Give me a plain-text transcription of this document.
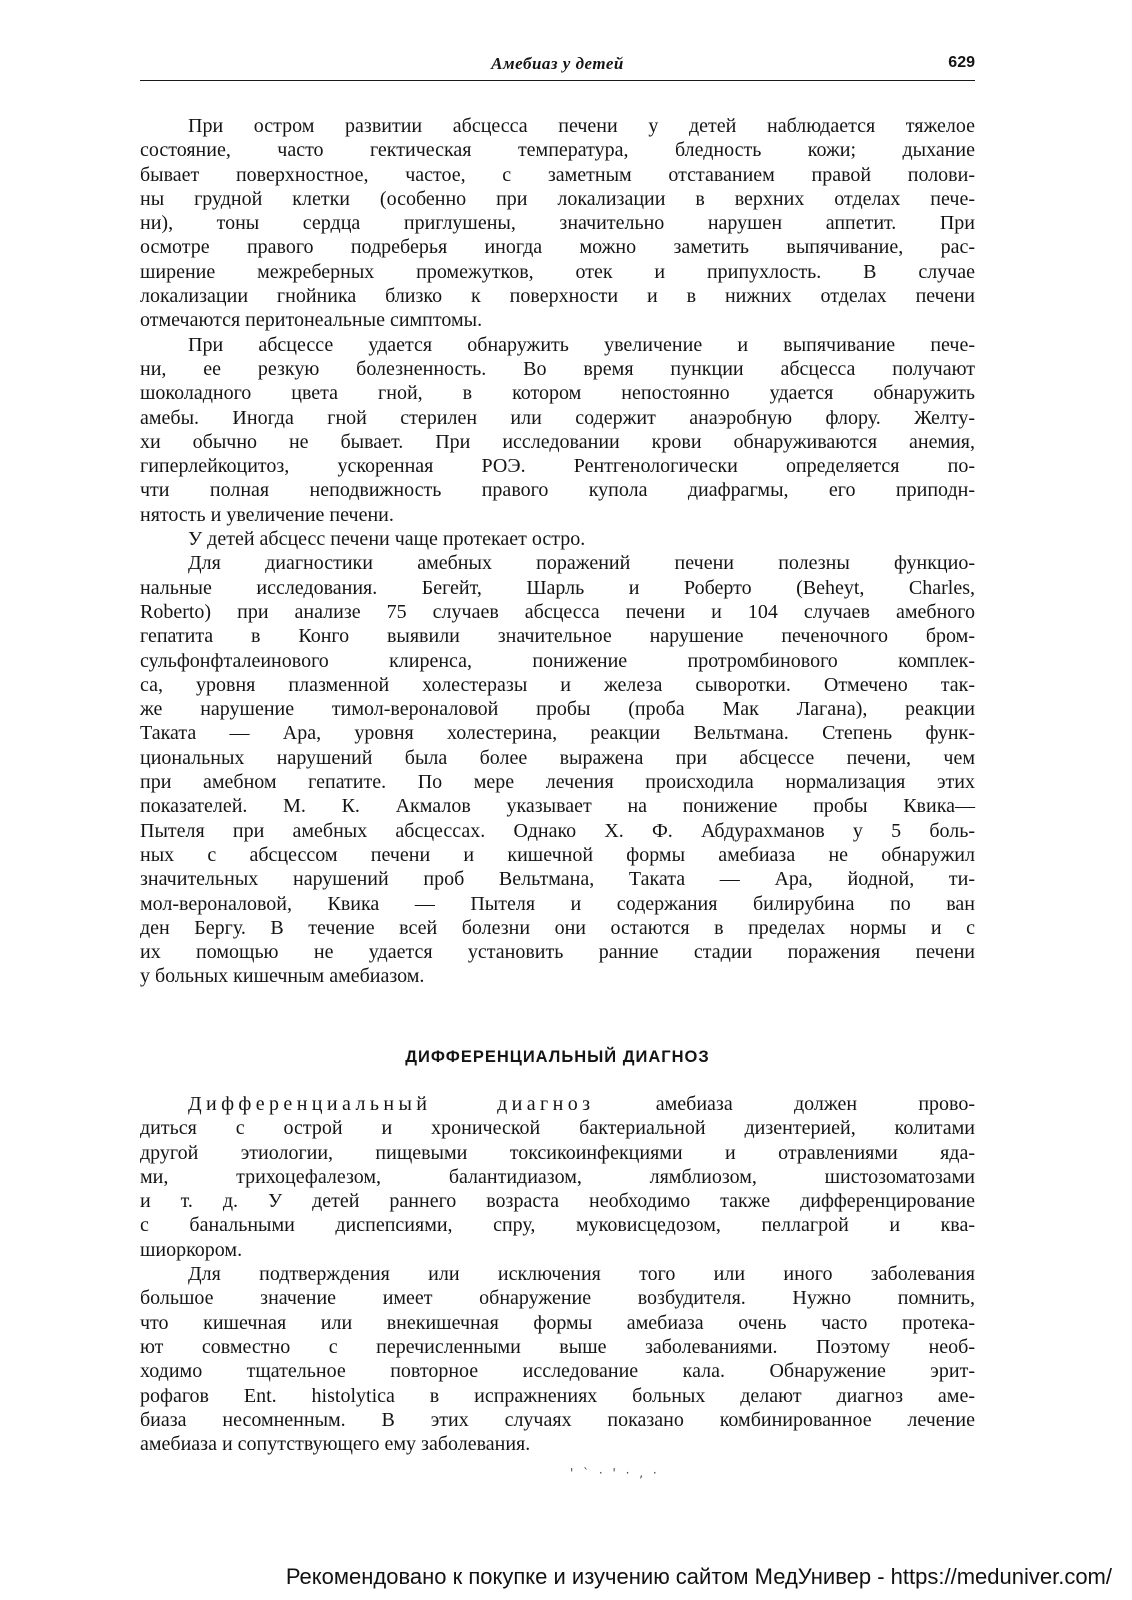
Амебиаз у детей	629
При остром развитии абсцесса печени у детей наблюдается тяжелое
состояние, часто гектическая температура, бледность кожи; дыхание
бывает поверхностное, частое, с заметным отставанием правой полови-
ны грудной клетки (особенно при локализации в верхних отделах пече-
ни), тоны сердца приглушены, значительно нарушен аппетит. При
осмотре правого подреберья иногда можно заметить выпячивание, рас-
ширение межреберных промежутков, отек и припухлость. В случае
локализации гнойника близко к поверхности и в нижних отделах печени
отмечаются перитонеальные симптомы.
При абсцессе удается обнаружить увеличение и выпячивание пече-
ни, ее резкую болезненность. Во время пункции абсцесса получают
шоколадного цвета гной, в котором непостоянно удается обнаружить
амебы. Иногда гной стерилен или содержит анаэробную флору. Желту-
хи обычно не бывает. При исследовании крови обнаруживаются анемия,
гиперлейкоцитоз, ускоренная РОЭ. Рентгенологически определяется по-
чти полная неподвижность правого купола диафрагмы, его приподн-
нятость и увеличение печени.
У детей абсцесс печени чаще протекает остро.
Для диагностики амебных поражений печени полезны функцио-
нальные исследования. Бегейт, Шарль и Роберто (Beheyt, Charles,
Roberto) при анализе 75 случаев абсцесса печени и 104 случаев амебного
гепатита в Конго выявили значительное нарушение печеночного бром-
сульфонфталеинового клиренса, понижение протромбинового комплек-
са, уровня плазменной холестеразы и железа сыворотки. Отмечено так-
же нарушение тимол-вероналовой пробы (проба Мак Лагана), реакции
Таката — Ара, уровня холестерина, реакции Вельтмана. Степень функ-
циональных нарушений была более выражена при абсцессе печени, чем
при амебном гепатите. По мере лечения происходила нормализация этих
показателей. М. К. Акмалов указывает на понижение пробы Квика—
Пытеля при амебных абсцессах. Однако Х. Ф. Абдурахманов у 5 боль-
ных с абсцессом печени и кишечной формы амебиаза не обнаружил
значительных нарушений проб Вельтмана, Таката — Ара, йодной, ти-
мол-вероналовой, Квика — Пытеля и содержания билирубина по ван
ден Бергу. В течение всей болезни они остаются в пределах нормы и с
их помощью не удается установить ранние стадии поражения печени
у больных кишечным амебиазом.
ДИФФЕРЕНЦИАЛЬНЫЙ ДИАГНОЗ
Дифференциальный диагноз амебиаза должен прово-
диться с острой и хронической бактериальной дизентерией, колитами
другой этиологии, пищевыми токсикоинфекциями и отравлениями яда-
ми, трихоцефалезом, балантидиазом, лямблиозом, шистозоматозами
и т. д. У детей раннего возраста необходимо также дифференцирование
с банальными диспепсиями, спру, муковисцедозом, пеллагрой и ква-
шиоркором.
Для подтверждения или исключения того или иного заболевания
большое значение имеет обнаружение возбудителя. Нужно помнить,
что кишечная или внекишечная формы амебиаза очень часто протека-
ют совместно с перечисленными выше заболеваниями. Поэтому необ-
ходимо тщательное повторное исследование кала. Обнаружение эрит-
рофагов Ent. histolytica в испражнениях больных делают диагноз аме-
биаза несомненным. В этих случаях показано комбинированное лечение
амебиаза и сопутствующего ему заболевания.
' ` · ' · , ·
Рекомендовано к покупке и изучению сайтом МедУнивер - https://meduniver.com/
